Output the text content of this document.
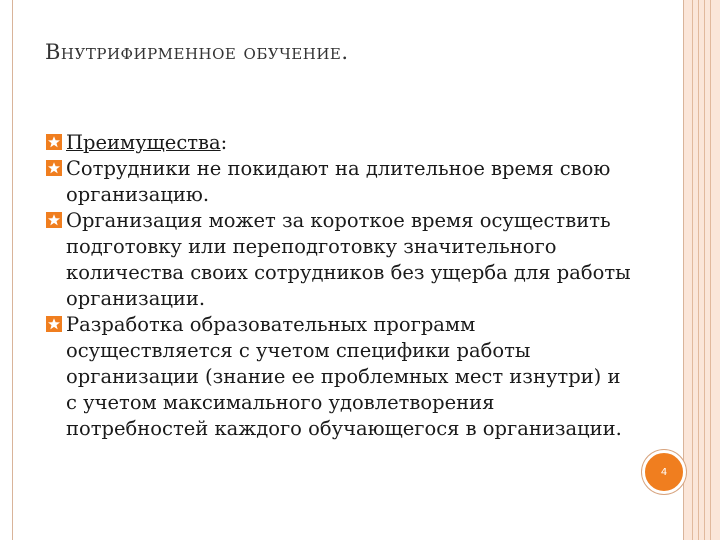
Внутрифирменное обучение.
Преимущества:
Сотрудники не покидают на длительное время свою организацию.
Организация может за короткое время осуществить подготовку или переподготовку значительного количества своих сотрудников без ущерба для работы организации.
Разработка образовательных программ осуществляется с учетом специфики работы организации (знание ее проблемных мест изнутри) и с учетом максимального удовлетворения потребностей каждого обучающегося в организации.
4
